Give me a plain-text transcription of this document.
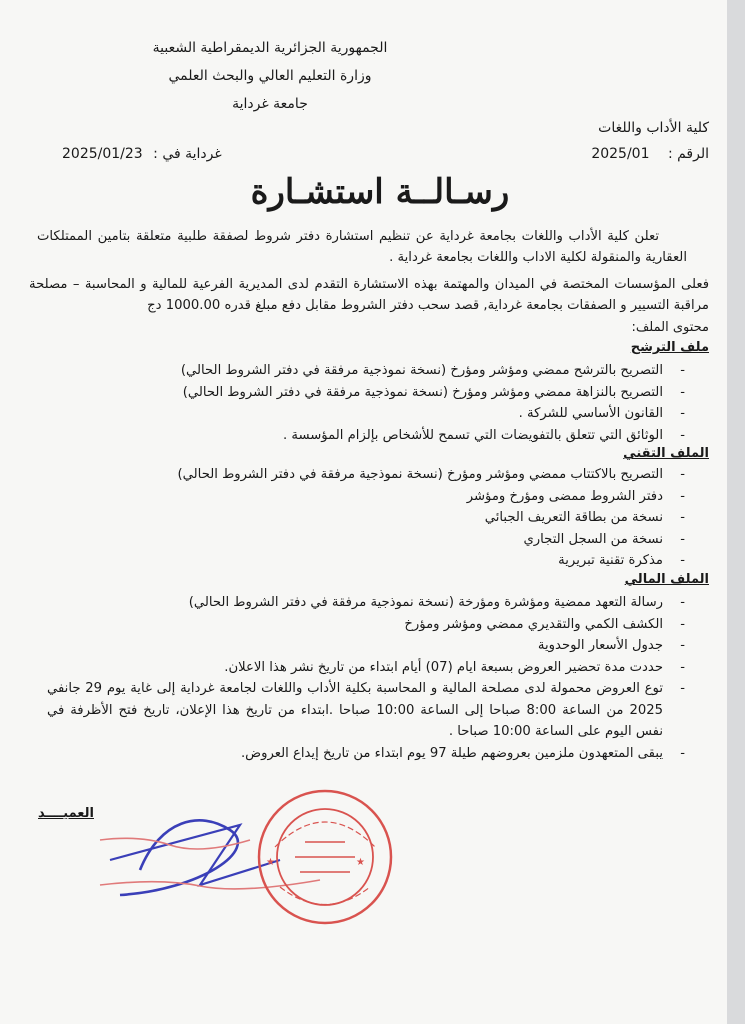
الجمهورية الجزائرية الديمقراطية الشعبية
وزارة التعليم العالي والبحث العلمي
جامعة غرداية
كلية الأداب واللغات
الرقم : 2025/01
غرداية في : 2025/01/23
رسـالــة استشـارة
تعلن كلية الأداب واللغات بجامعة غرداية عن تنظيم استشارة دفتر شروط لصفقة طلبية متعلقة بتامين الممتلكات العقارية والمنقولة لكلية الاداب واللغات بجامعة غرداية .
فعلى المؤسسات المختصة في الميدان والمهتمة بهذه الاستشارة التقدم لدى المديرية الفرعية للمالية و المحاسبة – مصلحة مراقبة التسيير و الصفقات بجامعة غرداية, قصد سحب دفتر الشروط مقابل دفع مبلغ قدره 1000.00 دج
محتوى الملف:
ملف الترشح
- التصريح بالترشح ممضي ومؤشر ومؤرخ (نسخة نموذجية مرفقة في دفتر الشروط الحالي)
- التصريح بالنزاهة ممضي ومؤشر ومؤرخ (نسخة نموذجية مرفقة في دفتر الشروط الحالي)
- القانون الأساسي للشركة .
- الوثائق التي تتعلق بالتفويضات التي تسمح للأشخاص بإلزام المؤسسة .
الملف التقني
- التصريح بالاكتتاب ممضي ومؤشر ومؤرخ (نسخة نموذجية مرفقة في دفتر الشروط الحالي)
- دفتر الشروط ممضى ومؤرخ ومؤشر
- نسخة من بطاقة التعريف الجبائي
- نسخة من السجل التجاري
- مذكرة تقنية تبريرية
الملف المالي
- رسالة التعهد ممضية ومؤشرة ومؤرخة (نسخة نموذجية مرفقة في دفتر الشروط الحالي)
- الكشف الكمي والتقديري ممضي ومؤشر ومؤرخ
- جدول الأسعار الوحدوية
- حددت مدة تحضير العروض بسبعة ايام (07) أيام ابتداء من تاريخ نشر هذا الاعلان.
- توع العروض محمولة لدى مصلحة المالية و المحاسبة بكلية الأداب واللغات لجامعة غرداية إلى غاية يوم 29 جانفي 2025 من الساعة 8:00 صباحا إلى الساعة 10:00 صباحا .ابتداء من تاريخ هذا الإعلان، تاريخ فتح الأظرفة في نفس اليوم على الساعة 10:00 صباحا .
- يبقى المتعهدون ملزمين بعروضهم طيلة 97 يوم ابتداء من تاريخ إيداع العروض.
العميــــد
★	★
